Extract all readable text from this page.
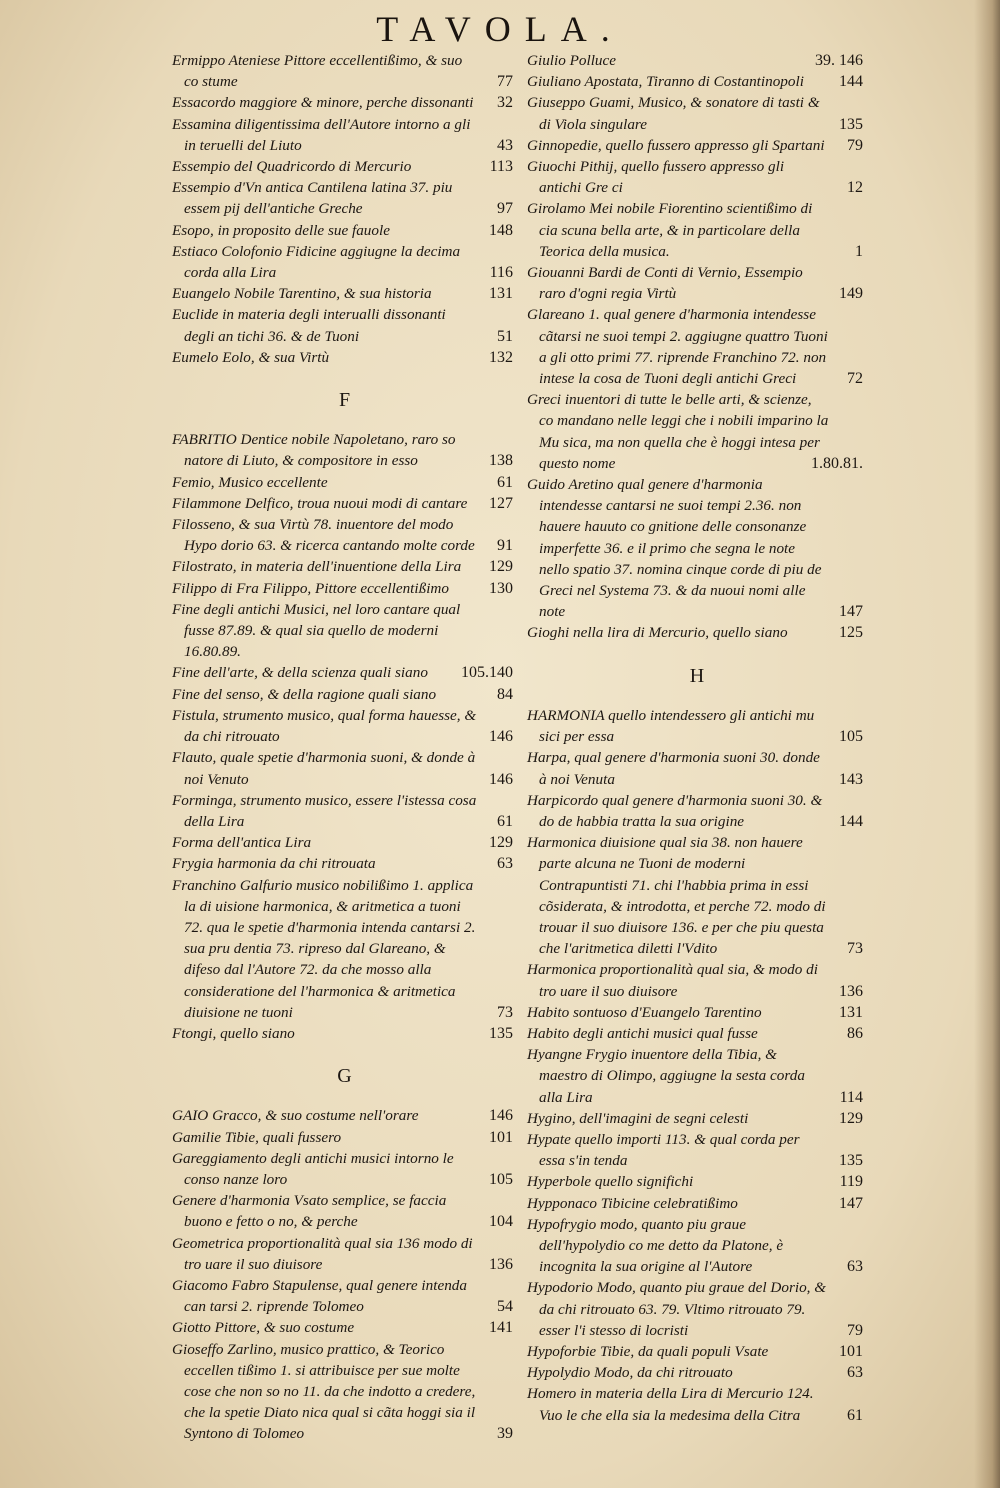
TAVOLA.
Ermippo Ateniese Pittore eccellentißimo, & suo co stume	77
Essacordo maggiore & minore, perche dissonanti 32
Essamina diligentissima dell'Autore intorno a gli in teruelli del Liuto	43
Essempio del Quadricordo di Mercurio	113
Essempio d'Vn antica Cantilena latina 37. piu essem pij dell'antiche Greche	97
Esopo, in proposito delle sue fauole	148
Estiaco Colofonio Fidicine aggiugne la decima corda alla Lira	116
Euangelo Nobile Tarentino, & sua historia	131
Euclide in materia degli interualli dissonanti degli an tichi 36. & de Tuoni	51
Eumelo Eolo, & sua Virtù	132
F
FABRITIO Dentice nobile Napoletano, raro so natore di Liuto, & compositore in esso	138
Femio, Musico eccellente	61
Filammone Delfico, troua nuoui modi di cantare 127
Filosseno, & sua Virtù 78. inuentore del modo Hypo dorio 63. & ricerca cantando molte corde 91
Filostrato, in materia dell'inuentione della Lira 129
Filippo di Fra Filippo, Pittore eccellentißimo	130
Fine degli antichi Musici, nel loro cantare qual fusse 87.89. & qual sia quello de moderni 16.80.89.
Fine dell'arte, & della scienza quali siano 105.140
Fine del senso, & della ragione quali siano	84
Fistula, strumento musico, qual forma hauesse, & da chi ritrouato	146
Flauto, quale spetie d'harmonia suoni, & donde à noi Venuto	146
Forminga, strumento musico, essere l'istessa cosa della Lira	61
Forma dell'antica Lira	129
Frygia harmonia da chi ritrouata	63
Franchino Galfurio musico nobilißimo 1. applica la di uisione harmonica, & aritmetica a tuoni 72. qua le spetie d'harmonia intenda cantarsi 2. sua pru dentia 73. ripreso dal Glareano, & difeso dal l'Autore 72. da che mosso alla consideratione del l'harmonica & aritmetica diuisione ne tuoni	73
Ftongi, quello siano	135
G
GAIO Gracco, & suo costume nell'orare	146
Gamilie Tibie, quali fussero	101
Gareggiamento degli antichi musici intorno le conso nanze loro	105
Genere d'harmonia Vsato semplice, se faccia buono e fetto o no, & perche	104
Geometrica proportionalità qual sia 136 modo di tro uare il suo diuisore	136
Giacomo Fabro Stapulense, qual genere intenda can tarsi 2. riprende Tolomeo	54
Giotto Pittore, & suo costume	141
Gioseffo Zarlino, musico prattico, & Teorico eccellen tißimo 1. si attribuisce per sue molte cose che non so no 11. da che indotto a credere, che la spetie Diato nica qual si cãta hoggi sia il Syntono di Tolomeo	39
Giulio Polluce	39. 146
Giuliano Apostata, Tiranno di Costantinopoli 144
Giuseppo Guami, Musico, & sonatore di tasti & di Viola singulare	135
Ginnopedie, quello fussero appresso gli Spartani 79
Giuochi Pithij, quello fussero appresso gli antichi Gre ci	12
Girolamo Mei nobile Fiorentino scientißimo di cia scuna bella arte, & in particolare della Teorica della musica.	1
Giouanni Bardi de Conti di Vernio, Essempio raro d'ogni regia Virtù	149
Glareano 1. qual genere d'harmonia intendesse cãtarsi ne suoi tempi 2. aggiugne quattro Tuoni a gli otto primi 77. riprende Franchino 72. non intese la cosa de Tuoni degli antichi Greci	72
Greci inuentori di tutte le belle arti, & scienze, co mandano nelle leggi che i nobili imparino la Mu sica, ma non quella che è hoggi intesa per questo nome	1.80.81.
Guido Aretino qual genere d'harmonia intendesse cantarsi ne suoi tempi 2.36. non hauere hauuto co gnitione delle consonanze imperfette 36. e il primo che segna le note nello spatio 37. nomina cinque corde di piu de Greci nel Systema 73. & da nuoui nomi alle note	147
Gioghi nella lira di Mercurio, quello siano	125
H
HARMONIA quello intendessero gli antichi mu sici per essa	105
Harpa, qual genere d'harmonia suoni 30. donde à noi Venuta	143
Harpicordo qual genere d'harmonia suoni 30. & do de habbia tratta la sua origine	144
Harmonica diuisione qual sia 38. non hauere parte alcuna ne Tuoni de moderni Contrapuntisti 71. chi l'habbia prima in essi cõsiderata, & introdotta, et perche 72. modo di trouar il suo diuisore 136. e per che piu questa che l'aritmetica diletti l'Vdito	73
Harmonica proportionalità qual sia, & modo di tro uare il suo diuisore	136
Habito sontuoso d'Euangelo Tarentino	131
Habito degli antichi musici qual fusse	86
Hyangne Frygio inuentore della Tibia, & maestro di Olimpo, aggiugne la sesta corda alla Lira	114
Hygino, dell'imagini de segni celesti	129
Hypate quello importi 113. & qual corda per essa s'in tenda	135
Hyperbole quello significhi	119
Hypponaco Tibicine celebratißimo	147
Hypofrygio modo, quanto piu graue dell'hypolydio co me detto da Platone, è incognita la sua origine al l'Autore	63
Hypodorio Modo, quanto piu graue del Dorio, & da chi ritrouato 63. 79. Vltimo ritrouato 79. esser l'i stesso di locristi	79
Hypoforbie Tibie, da quali populi Vsate	101
Hypolydio Modo, da chi ritrouato	63
Homero in materia della Lira di Mercurio 124. Vuo le che ella sia la medesima della Citra	61
